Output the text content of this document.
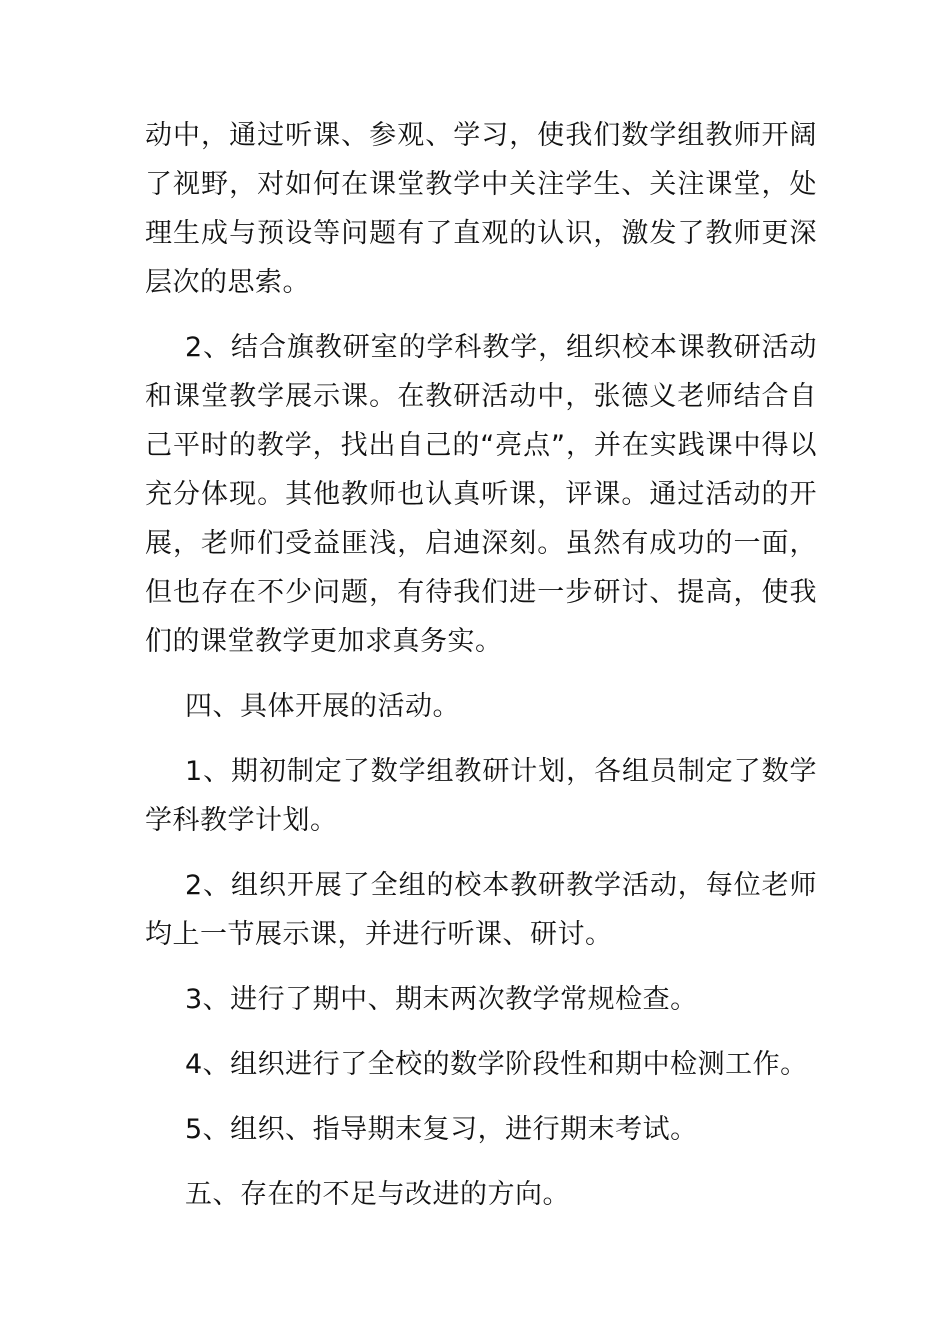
动中，通过听课、参观、学习，使我们数学组教师开阔了视野，对如何在课堂教学中关注学生、关注课堂，处理生成与预设等问题有了直观的认识，激发了教师更深层次的思索。

2、结合旗教研室的学科教学，组织校本课教研活动和课堂教学展示课。在教研活动中，张德义老师结合自己平时的教学，找出自己的“亮点”，并在实践课中得以充分体现。其他教师也认真听课，评课。通过活动的开展，老师们受益匪浅，启迪深刻。虽然有成功的一面，但也存在不少问题，有待我们进一步研讨、提高，使我们的课堂教学更加求真务实。

四、具体开展的活动。

1、期初制定了数学组教研计划，各组员制定了数学学科教学计划。

2、组织开展了全组的校本教研教学活动，每位老师均上一节展示课，并进行听课、研讨。

3、进行了期中、期末两次教学常规检查。

4、组织进行了全校的数学阶段性和期中检测工作。

5、组织、指导期末复习，进行期末考试。

五、存在的不足与改进的方向。
